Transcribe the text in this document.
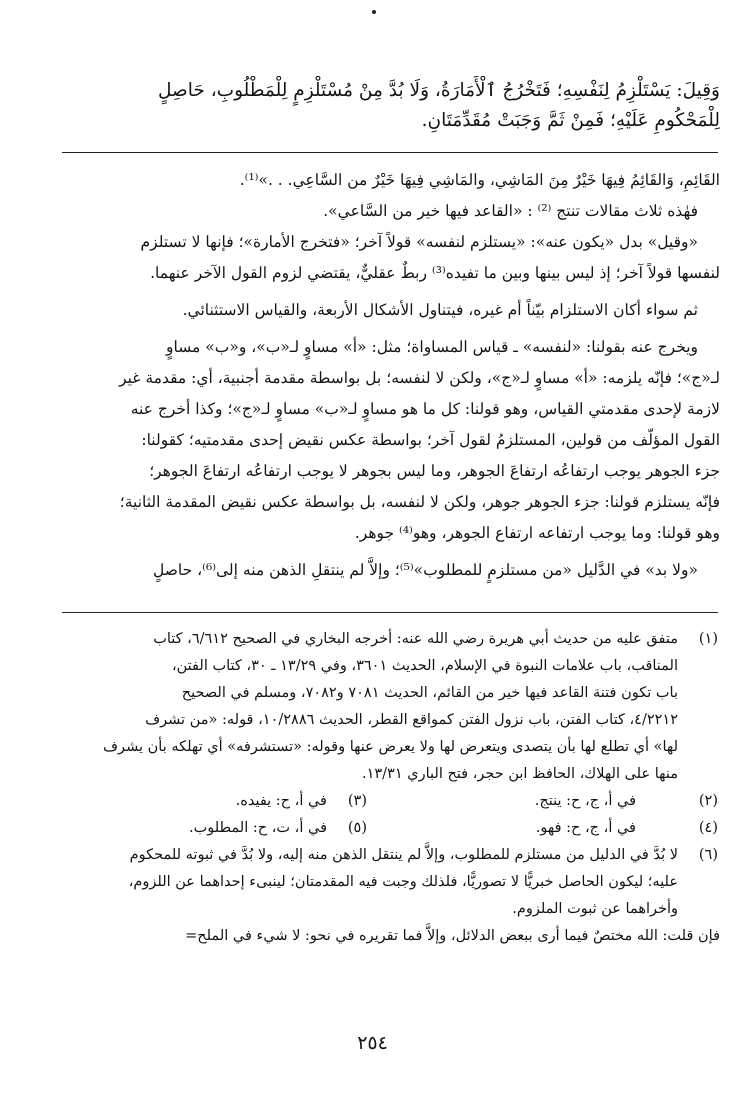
وَقِيلَ: يَسْتَلْزِمُ لِنَفْسِهِ؛ فَتَخْرُجُ ٱلْأَمَارَةُ، وَلَا بُدَّ مِنْ مُسْتَلْزِمٍ لِلْمَطْلُوبِ، حَاصِلٍ
لِلْمَحْكُومِ عَلَيْهِ؛ فَمِنْ ثَمَّ وَجَبَتْ مُقَدِّمَتَانِ.
القَائِمِ، وَالقَائِمُ فِيهَا خَيْرٌ مِنَ المَاشِي، والمَاشِي فِيهَا خَيْرٌ من السَّاعِي. . .»⁽¹⁾.
فهٰذه ثلاث مقالات تنتج ⁽²⁾ : «القاعد فيها خير من السَّاعي».
«وقيل» بدل «يكون عنه»: «يستلزم لنفسه» قولاً آخر؛ «فتخرج الأمارة»؛ فإنها لا تستلزم
لنفسها قولاً آخر؛ إذ ليس بينها وبين ما تفيده⁽³⁾ ربطٌ عقليٌّ، يقتضي لزوم القول الآخر عنهما.
ثم سواء أكان الاستلزام بيّناً أم غيره، فيتناول الأشكال الأربعة، والقياس الاستثنائي.
ويخرج عنه بقولنا: «لنفسه» ـ قياس المساواة؛ مثل: «أ» مساوٍ لـ«ب»، و«ب» مساوٍ
لـ«ج»؛ فإنّه يلزمه: «أ» مساوٍ لـ«ج»، ولكن لا لنفسه؛ بل بواسطة مقدمة أجنبية، أي: مقدمة غير
لازمة لإحدى مقدمتي القياس، وهو قولنا: كل ما هو مساوٍ لـ«ب» مساوٍ لـ«ج»؛ وكذا أخرج عنه
القول المؤلّف من قولين، المستلزمُ لقول آخر؛ بواسطة عكس نقيض إحدى مقدمتيه؛ كقولنا:
جزء الجوهر يوجب ارتفاعُه ارتفاعَ الجوهر، وما ليس بجوهر لا يوجب ارتفاعُه ارتفاعَ الجوهر؛
فإنّه يستلزم قولنا: جزء الجوهر جوهر، ولكن لا لنفسه، بل بواسطة عكس نقيض المقدمة الثانية؛
وهو قولنا: وما يوجب ارتفاعه ارتفاع الجوهر، وهو⁽⁴⁾ جوهر.
«ولا بد» في الدَّليل «من مستلزمٍ للمطلوب»⁽⁵⁾؛ وإلاَّ لم ينتقلِ الذهن منه إلى⁽⁶⁾، حاصلٍ
(١)
متفق عليه من حديث أبي هريرة رضي الله عنه: أخرجه البخاري في الصحيح ٦/٦١٢، كتاب
المناقب، باب علامات النبوة في الإسلام، الحديث ٣٦٠١، وفي ١٣/٢٩ ـ ٣٠، كتاب الفتن،
باب تكون فتنة القاعد فيها خير من القائم، الحديث ٧٠٨١ و٧٠٨٢، ومسلم في الصحيح
٤/٢٢١٢، كتاب الفتن، باب نزول الفتن كمواقع القطر، الحديث ١٠/٢٨٨٦، قوله: «من تشرف
لها» أي تطلع لها بأن يتصدى ويتعرض لها ولا يعرض عنها وقوله: «تستشرفه» أي تهلكه بأن يشرف
منها على الهلاك، الحافظ ابن حجر، فتح الباري ١٣/٣١.
(٢)
في أ، ج، ح: ينتج.
(٣)
في أ، ح: يفيده.
(٤)
في أ، ج، ح: فهو.
(٥)
في أ، ت، ح: المطلوب.
(٦)
لا بُدَّ في الدليل من مستلزم للمطلوب، وإلاَّ لم ينتقل الذهن منه إليه، ولا بُدَّ في ثبوته للمحكوم
عليه؛ ليكون الحاصل خبريًّا لا تصوريًّا، فلذلك وجبت فيه المقدمتان؛ لينبىء إحداهما عن اللزوم،
وأخراهما عن ثبوت الملزوم.
فإن قلت: الله مختصٌ فيما أرى ببعض الدلائل، وإلاَّ فما تقريره في نحو: لا شيء في الملح=
٢٥٤
